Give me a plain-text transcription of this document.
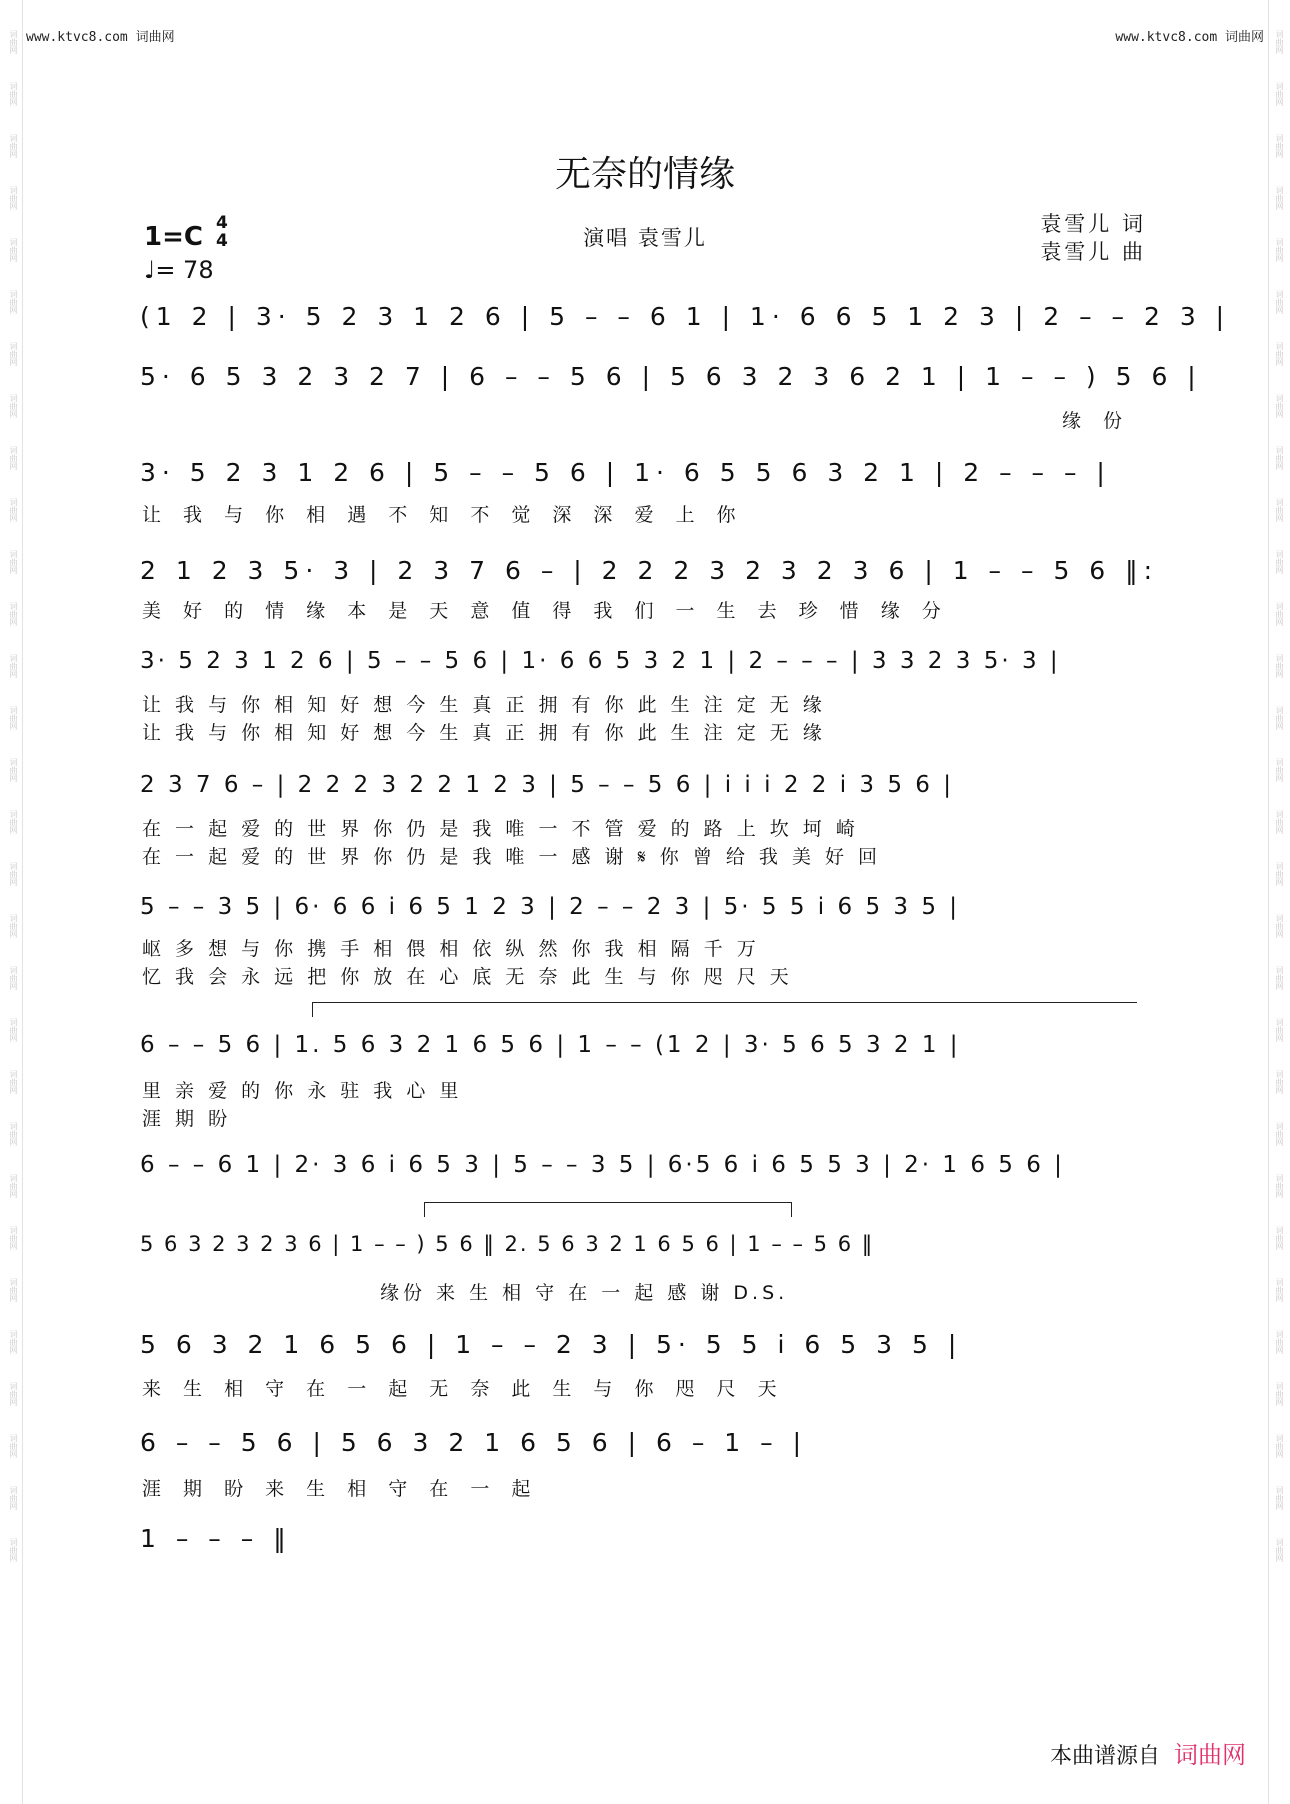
词曲网
词曲网
词曲网
词曲网
词曲网
词曲网
词曲网
词曲网
词曲网
词曲网
词曲网
词曲网
词曲网
词曲网
词曲网
词曲网
词曲网
词曲网
词曲网
词曲网
词曲网
词曲网
词曲网
词曲网
词曲网
词曲网
词曲网
词曲网
词曲网
词曲网
词曲网
词曲网
词曲网
词曲网
词曲网
词曲网
词曲网
词曲网
词曲网
词曲网
词曲网
词曲网
词曲网
词曲网
词曲网
词曲网
词曲网
词曲网
词曲网
词曲网
词曲网
词曲网
词曲网
词曲网
词曲网
词曲网
词曲网
词曲网
词曲网
词曲网
www.ktvc8.com 词曲网	www.ktvc8.com 词曲网
无奈的情缘
1=C 4
4
♩= 78
演唱 袁雪儿
袁雪儿 词
袁雪儿 曲
(1 2 | 3· 5 2 3 1 2 6 | 5 – – 6 1 | 1· 6 6 5 1 2 3 | 2 – – 2 3 |
5· 6 5 3 2 3 2 7 | 6 – – 5 6 | 5 6 3 2 3 6 2 1 | 1 – – ) 5 6 |
缘 份
3· 5 2 3 1 2 6 | 5 – – 5 6 | 1· 6 5 5 6 3 2 1 | 2 – – – |
让 我 与 你 相 遇 不 知 不 觉 深 深 爱 上 你
2 1 2 3 5· 3 | 2 3 7 6 – | 2 2 2 3 2 3 2 3 6 | 1 – – 5 6 ‖:
美 好 的 情 缘 本 是 天 意 值 得 我 们 一 生 去 珍 惜 缘 分
3· 5 2 3 1 2 6 | 5 – – 5 6 | 1· 6 6 5 3 2 1 | 2 – – – | 3 3 2 3 5· 3 |
让 我 与 你 相 知 好 想 今 生 真 正 拥 有 你 此 生 注 定 无 缘
让 我 与 你 相 知 好 想 今 生 真 正 拥 有 你 此 生 注 定 无 缘
2 3 7 6 – | 2 2 2 3 2 2 1 2 3 | 5 – – 5 6 | i i i 2 2 i 3 5 6 |
在 一 起 爱 的 世 界 你 仍 是 我 唯 一 不 管 爱 的 路 上 坎 坷 崎
在 一 起 爱 的 世 界 你 仍 是 我 唯 一 感 谢 𝄋 你 曾 给 我 美 好 回
5 – – 3 5 | 6· 6 6 i 6 5 1 2 3 | 2 – – 2 3 | 5· 5 5 i 6 5 3 5 |
岖 多 想 与 你 携 手 相 偎 相 依 纵 然 你 我 相 隔 千 万
忆 我 会 永 远 把 你 放 在 心 底 无 奈 此 生 与 你 咫 尺 天
6 – – 5 6 | 1. 5 6 3 2 1 6 5 6 | 1 – – (1 2 | 3· 5 6 5 3 2 1 |
里 亲 爱 的 你 永 驻 我 心 里
涯 期 盼
6 – – 6 1 | 2· 3 6 i 6 5 3 | 5 – – 3 5 | 6·5 6 i 6 5 5 3 | 2· 1 6 5 6 |
5 6 3 2 3 2 3 6 | 1 – – ) 5 6 ‖ 2. 5 6 3 2 1 6 5 6 | 1 – – 5 6 ‖
缘份 来 生 相 守 在 一 起 感 谢 D.S.
5 6 3 2 1 6 5 6 | 1 – – 2 3 | 5· 5 5 i 6 5 3 5 |
来 生 相 守 在 一 起 无 奈 此 生 与 你 咫 尺 天
6 – – 5 6 | 5 6 3 2 1 6 5 6 | 6 – 1 – |
涯 期 盼 来 生 相 守 在 一 起
1 – – – ‖
本曲谱源自 词曲网
